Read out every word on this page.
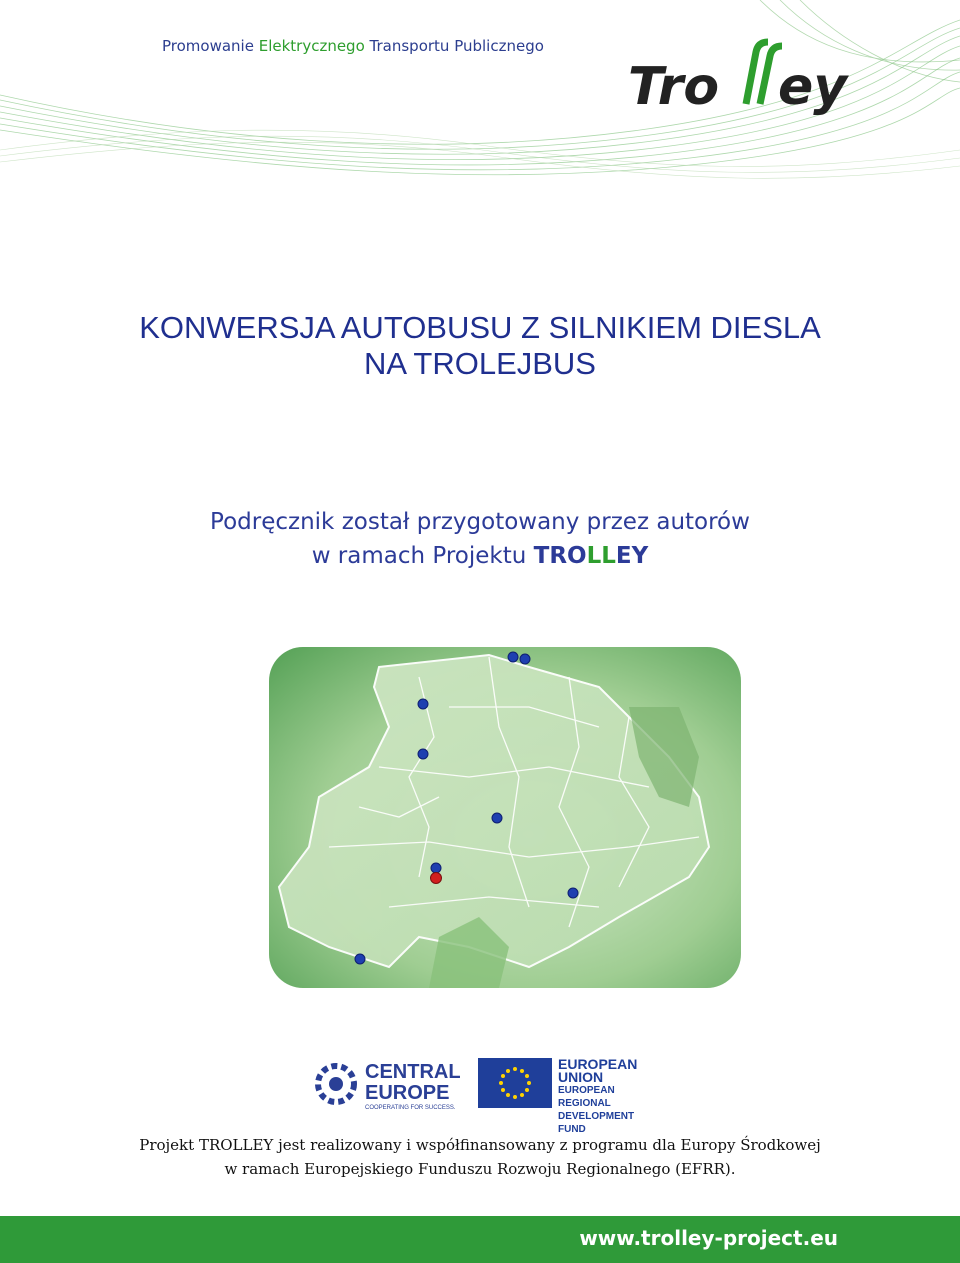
Promowanie Elektrycznego Transportu Publicznego
Tro ey
KONWERSJA AUTOBUSU Z SILNIKIEM DIESLA
NA TROLEJBUS
Podręcznik został przygotowany przez autorów
w ramach Projektu TROLLEY
CENTRAL
EUROPE
COOPERATING FOR SUCCESS.
EUROPEAN UNION
EUROPEAN REGIONAL
DEVELOPMENT FUND
Projekt TROLLEY jest realizowany i współfinansowany z programu dla Europy Środkowej
w ramach Europejskiego Funduszu Rozwoju Regionalnego (EFRR).
www.trolley-project.eu
